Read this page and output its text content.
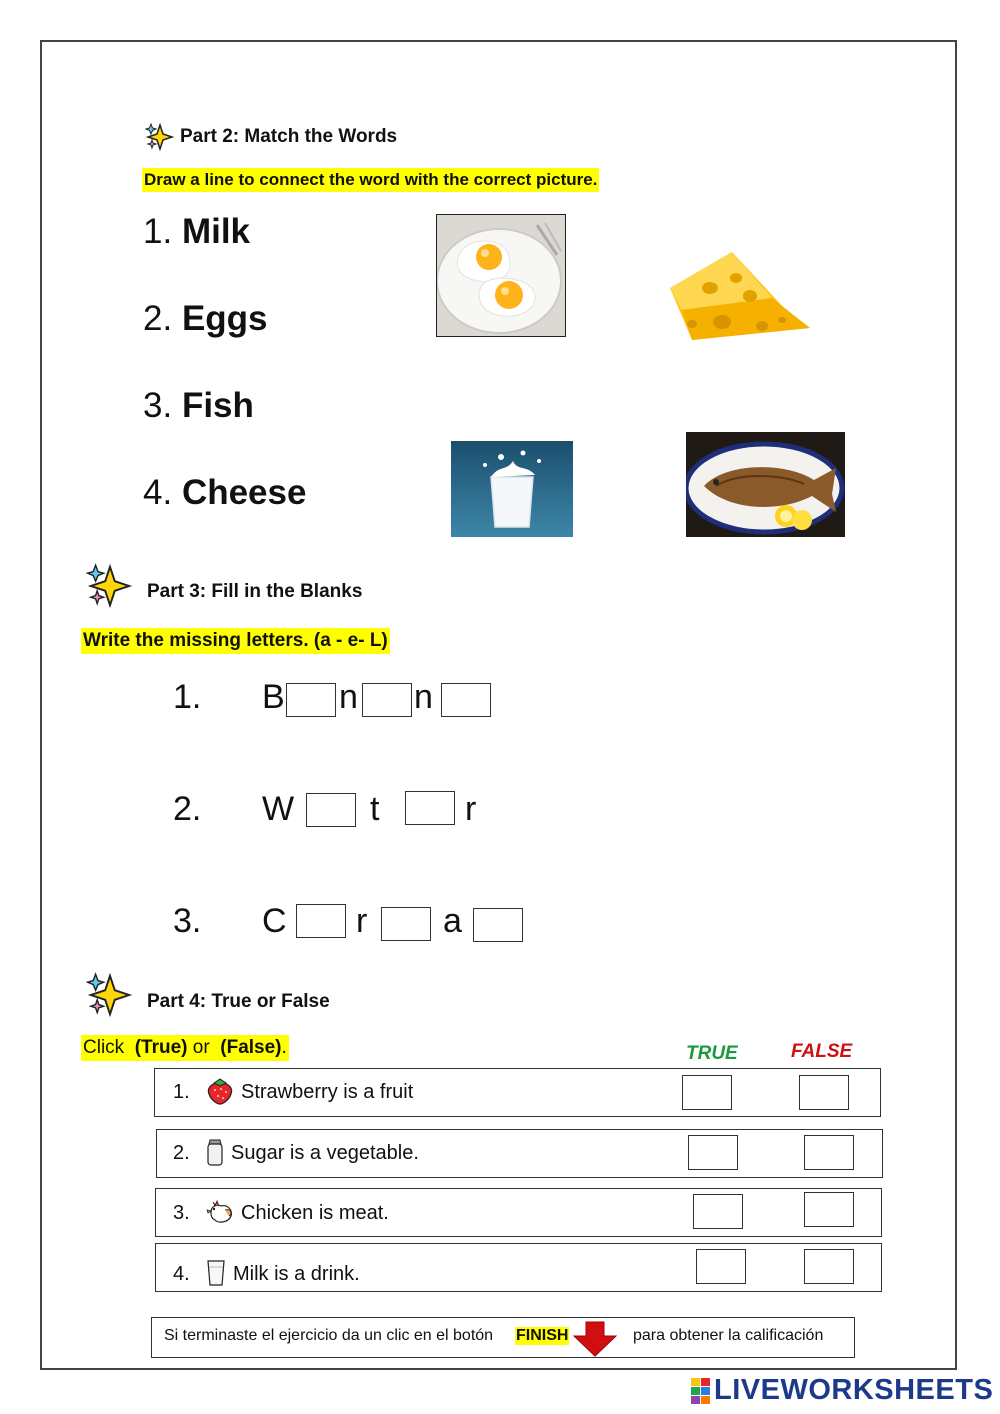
Part 2: Match the Words
Draw a line to connect the word with the correct picture.
1. Milk
2. Eggs
3. Fish
4. Cheese
Part 3: Fill in the Blanks
Write the missing letters. (a - e- L)
1. B n n
2. W t	r
3. C r a
Part 4: True or False
Click (True) or (False).	TRUE	FALSE
1.	Strawberry is a fruit
2. Sugar is a vegetable.
3.	Chicken is meat.
4. Milk is a drink.
Si terminaste el ejercicio da un clic en el botón FINISH	para obtener la calificación
LIVEWORKSHEETS
